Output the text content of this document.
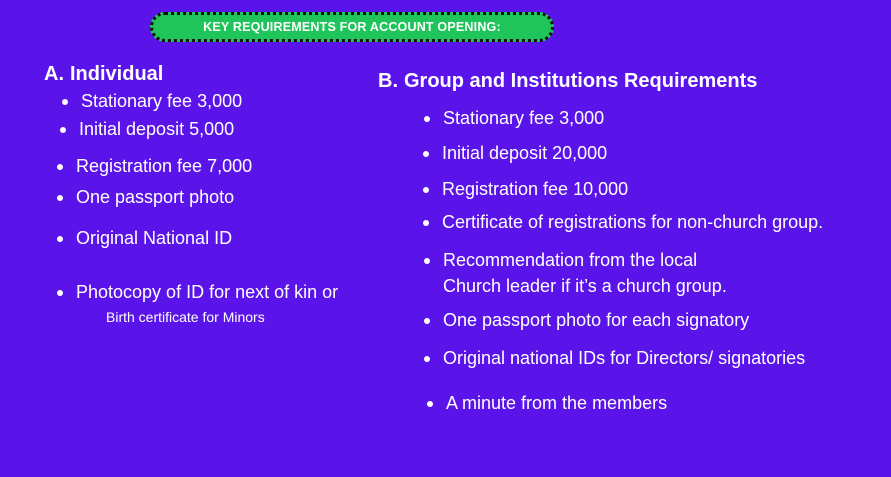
KEY REQUIREMENTS FOR ACCOUNT OPENING:
A. Individual
Stationary fee 3,000
Initial deposit 5,000
Registration fee 7,000
One passport photo
Original National ID
Photocopy of ID for next of kin or
Birth certificate for Minors
B. Group and Institutions Requirements
Stationary fee 3,000
Initial deposit 20,000
Registration fee 10,000
Certificate of registrations for non-church group.
Recommendation from the local
Church leader if it’s a church group.
One passport photo for each signatory
Original national IDs for Directors/ signatories
A minute from the members
